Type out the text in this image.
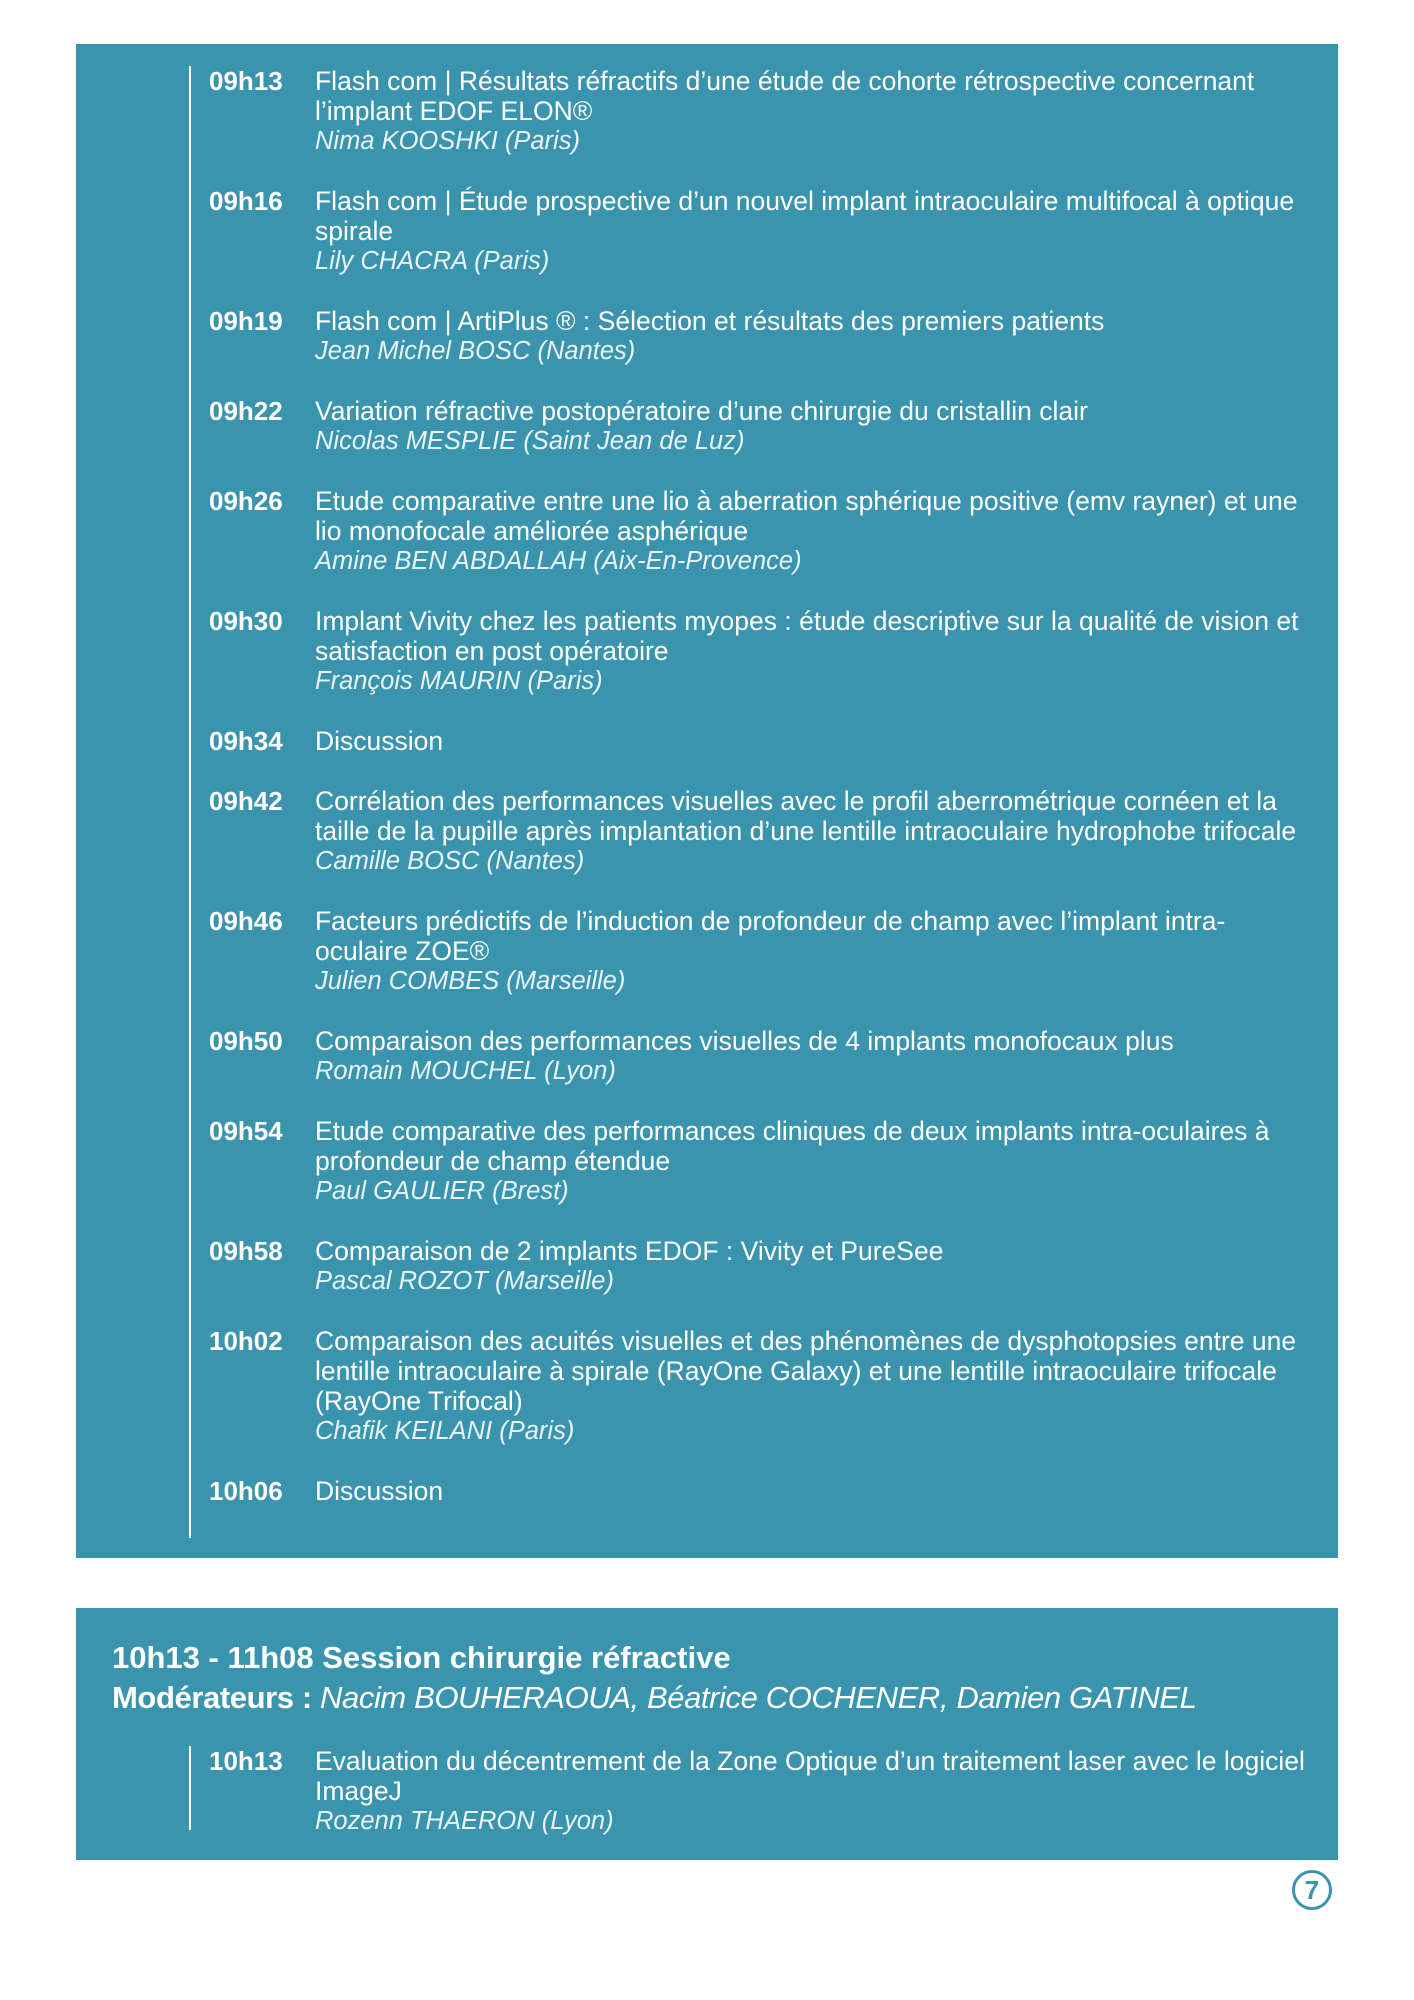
09h13	Flash com | Résultats réfractifs d’une étude de cohorte rétrospective concernant l’implant EDOF ELON®
Nima KOOSHKI (Paris)
09h16	Flash com | Étude prospective d’un nouvel implant intraoculaire multifocal à optique spirale
Lily CHACRA (Paris)
09h19	Flash com | ArtiPlus ® : Sélection et résultats des premiers patients
Jean Michel BOSC (Nantes)
09h22	Variation réfractive postopératoire d’une chirurgie du cristallin clair
Nicolas MESPLIE (Saint Jean de Luz)
09h26	Etude comparative entre une lio à aberration sphérique positive (emv rayner) et une lio monofocale améliorée asphérique
Amine BEN ABDALLAH (Aix-En-Provence)
09h30	Implant Vivity chez les patients myopes : étude descriptive sur la qualité de vision et satisfaction en post opératoire
François MAURIN (Paris)
09h34	Discussion
09h42	Corrélation des performances visuelles avec le profil aberrométrique cornéen et la taille de la pupille après implantation d’une lentille intraoculaire hydrophobe trifocale
Camille BOSC (Nantes)
09h46	Facteurs prédictifs de l’induction de profondeur de champ avec l’implant intra-oculaire ZOE®
Julien COMBES (Marseille)
09h50	Comparaison des performances visuelles de 4 implants monofocaux plus
Romain MOUCHEL (Lyon)
09h54	Etude comparative des performances cliniques de deux implants intra-oculaires à profondeur de champ étendue
Paul GAULIER (Brest)
09h58	Comparaison de 2 implants EDOF : Vivity et PureSee
Pascal ROZOT (Marseille)
10h02	Comparaison des acuités visuelles et des phénomènes de dysphotopsies entre une lentille intraoculaire à spirale (RayOne Galaxy) et une lentille intraoculaire trifocale (RayOne Trifocal)
Chafik KEILANI (Paris)
10h06	Discussion
10h13 - 11h08 Session chirurgie réfractive
Modérateurs : Nacim BOUHERAOUA, Béatrice COCHENER, Damien GATINEL
10h13	Evaluation du décentrement de la Zone Optique d’un traitement laser avec le logiciel ImageJ
Rozenn THAERON (Lyon)
7
